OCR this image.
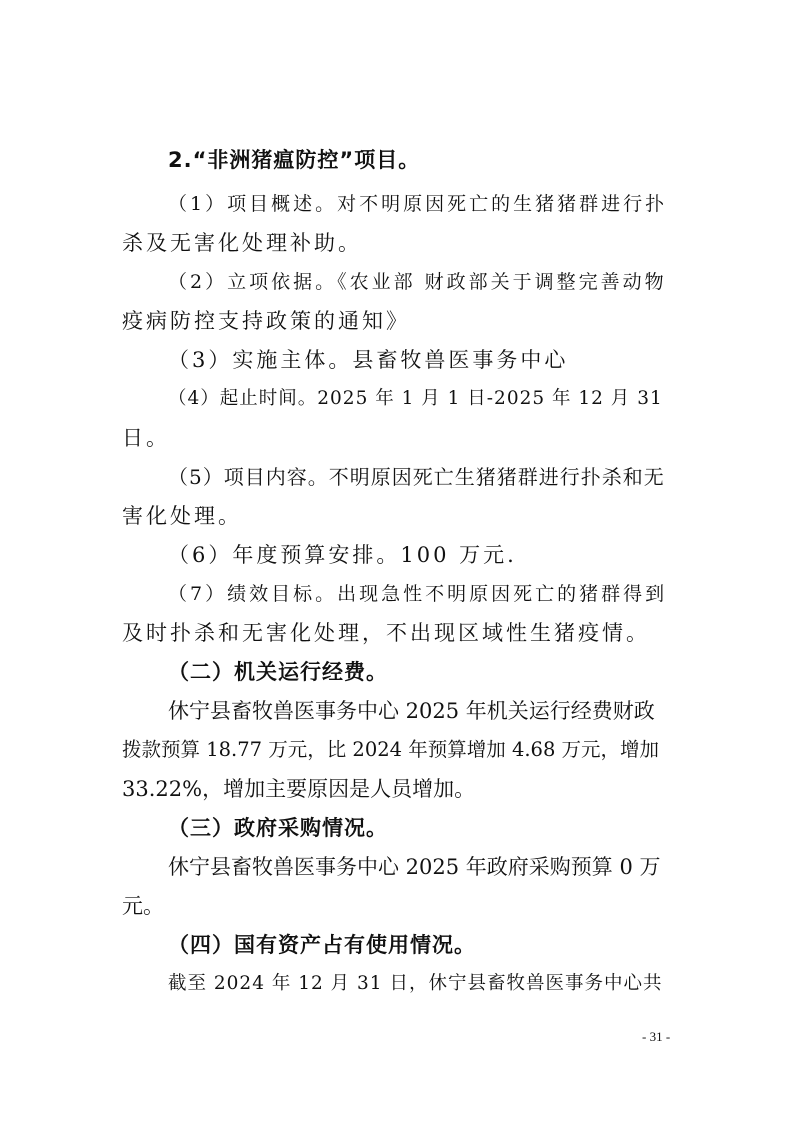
2.“非洲猪瘟防控”项目。
（1）项目概述。对不明原因死亡的生猪猪群进行扑
杀及无害化处理补助。
（2）立项依据。《农业部 财政部关于调整完善动物
疫病防控支持政策的通知》
（3）实施主体。县畜牧兽医事务中心
（4）起止时间。2025 年 1 月 1 日-2025 年 12 月 31
日。
（5）项目内容。不明原因死亡生猪猪群进行扑杀和无
害化处理。
（6）年度预算安排。100 万元.
（7）绩效目标。出现急性不明原因死亡的猪群得到
及时扑杀和无害化处理，不出现区域性生猪疫情。
（二）机关运行经费。
休宁县畜牧兽医事务中心 2025 年机关运行经费财政
拨款预算 18.77 万元，比 2024 年预算增加 4.68 万元，增加
33.22%，增加主要原因是人员增加。
（三）政府采购情况。
休宁县畜牧兽医事务中心 2025 年政府采购预算 0 万
元。
（四）国有资产占有使用情况。
截至 2024 年 12 月 31 日，休宁县畜牧兽医事务中心共
- 31 -
